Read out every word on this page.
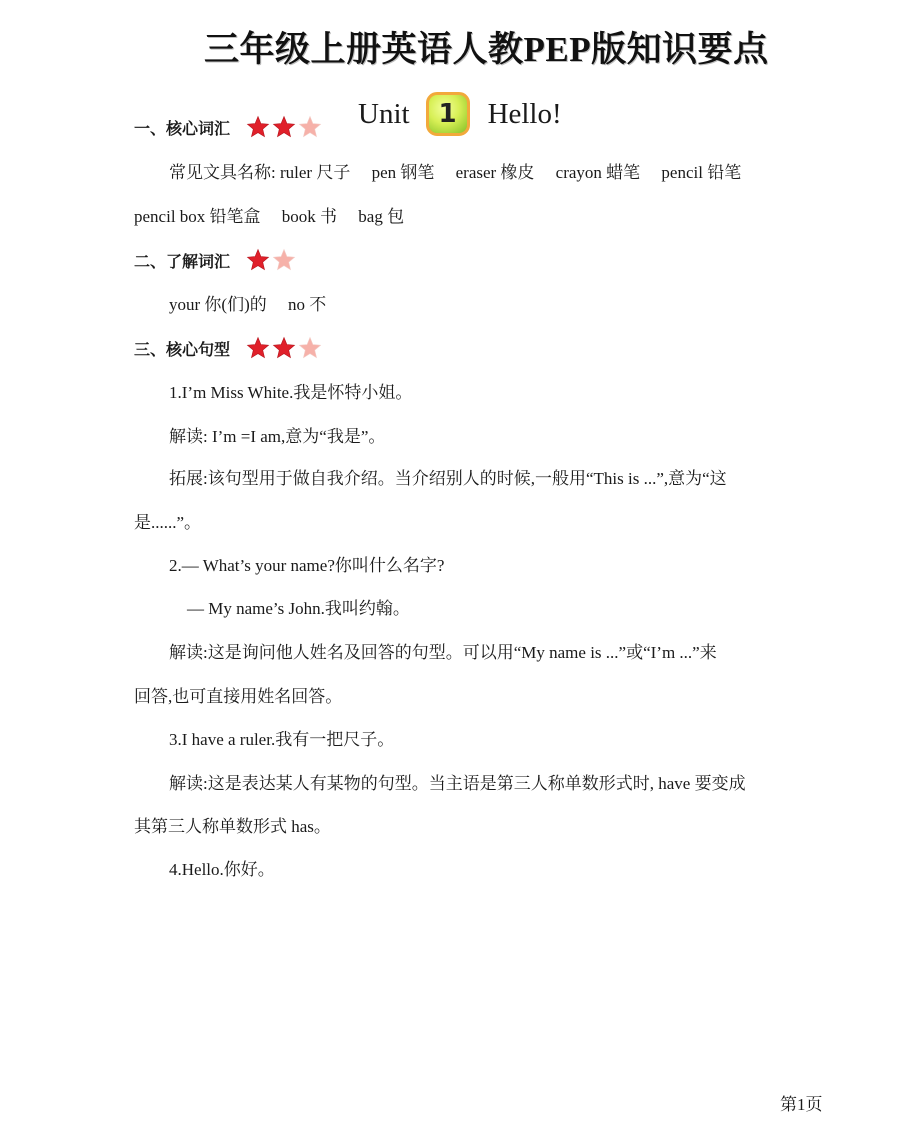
三年级上册英语人教PEP版知识要点
Unit	1	Hello!
一、核心词汇
常见文具名称: ruler 尺子　 pen 钢笔　 eraser 橡皮　 crayon 蜡笔　 pencil 铅笔
pencil box 铅笔盒　 book 书　 bag 包
二、了解词汇
your 你(们)的　 no 不
三、核心句型
1.I’m Miss White.我是怀特小姐。
解读: I’m =I am,意为“我是”。
拓展:该句型用于做自我介绍。当介绍别人的时候,一般用“This is ...”,意为“这
是......”。
2.— What’s your name?你叫什么名字?
— My name’s John.我叫约翰。
解读:这是询问他人姓名及回答的句型。可以用“My name is ...”或“I’m ...”来
回答,也可直接用姓名回答。
3.I have a ruler.我有一把尺子。
解读:这是表达某人有某物的句型。当主语是第三人称单数形式时, have 要变成
其第三人称单数形式 has。
4.Hello.你好。
第1页
